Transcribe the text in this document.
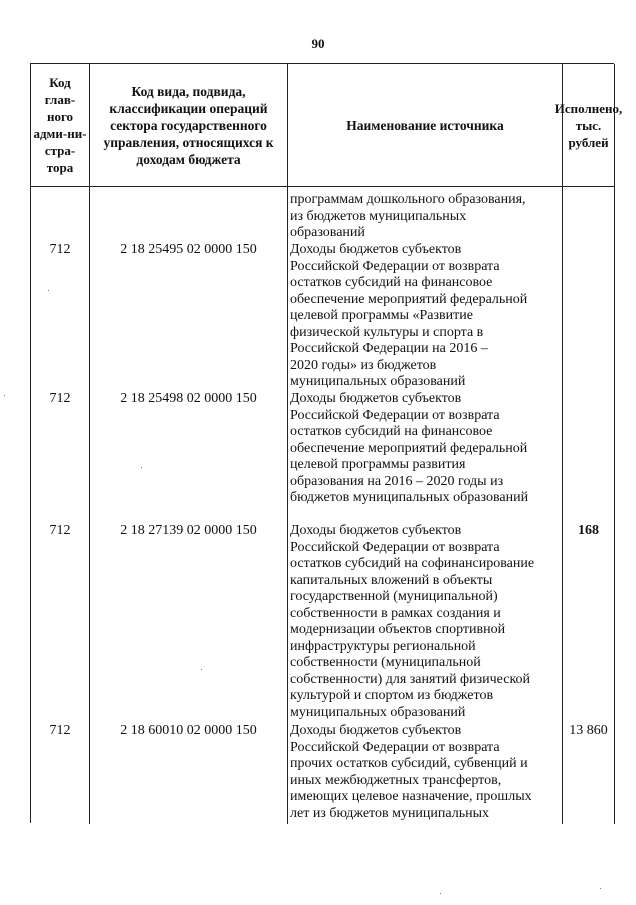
90
Код глав-ного адми-ни-стра-тора
Код вида, подвида, классификации операций сектора государственного управления, относящихся к доходам бюджета
Наименование источника
Исполнено, тыс. рублей
712
712
712
712
2 18 25495 02 0000 150
2 18 25498 02 0000 150
2 18 27139 02 0000 150
2 18 60010 02 0000 150
программам дошкольного образования,
из бюджетов муниципальных
образований
Доходы бюджетов субъектов
Российской Федерации от возврата
остатков субсидий на финансовое
обеспечение мероприятий федеральной
целевой программы «Развитие
физической культуры и спорта в
Российской Федерации на 2016 –
2020 годы» из бюджетов
муниципальных образований
Доходы бюджетов субъектов
Российской Федерации от возврата
остатков субсидий на финансовое
обеспечение мероприятий федеральной
целевой программы развития
образования на 2016 – 2020 годы из
бюджетов муниципальных образований
Доходы бюджетов субъектов
Российской Федерации от возврата
остатков субсидий на софинансирование
капитальных вложений в объекты
государственной (муниципальной)
собственности в рамках создания и
модернизации объектов спортивной
инфраструктуры региональной
собственности (муниципальной
собственности) для занятий физической
культурой и спортом из бюджетов
муниципальных образований
Доходы бюджетов субъектов
Российской Федерации от возврата
прочих остатков субсидий, субвенций и
иных межбюджетных трансфертов,
имеющих целевое назначение, прошлых
лет из бюджетов муниципальных
168
13 860
